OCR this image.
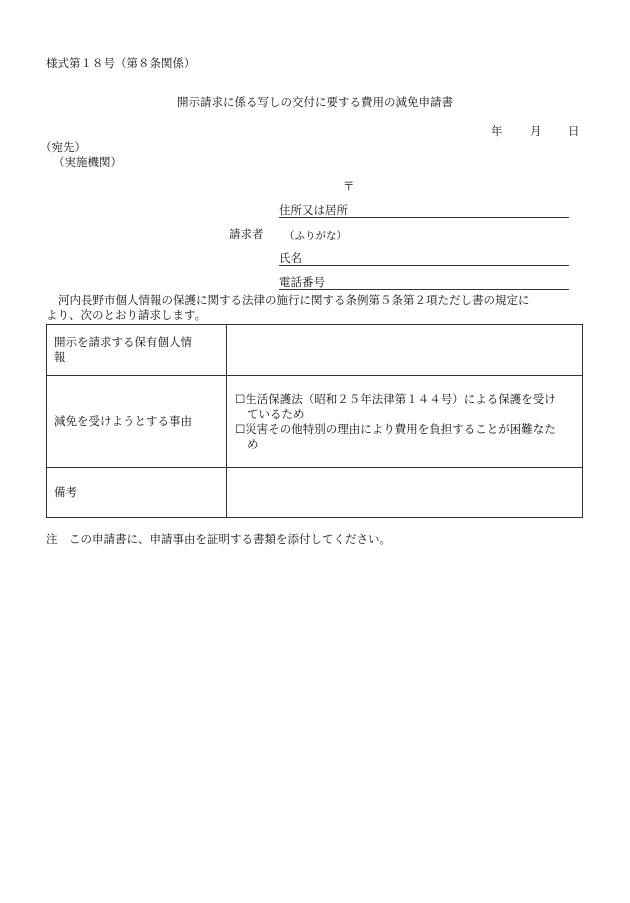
様式第１８号（第８条関係）
開示請求に係る写しの交付に要する費用の減免申請書
年 月 日
（宛先）
（実施機関）
〒
請求者
住所又は居所
（ふりがな）
氏名
電話番号
河内長野市個人情報の保護に関する法律の施行に関する条例第５条第２項ただし書の規定に
より、次のとおり請求します。
開示を請求する保有個人情
報	

減免を受けようとする事由	☐生活保護法（昭和２５年法律第１４４号）による保護を受け
ているため
☐災害その他特別の理由により費用を負担することが困難なた
め

備考	
注　この申請書に、申請事由を証明する書類を添付してください。
